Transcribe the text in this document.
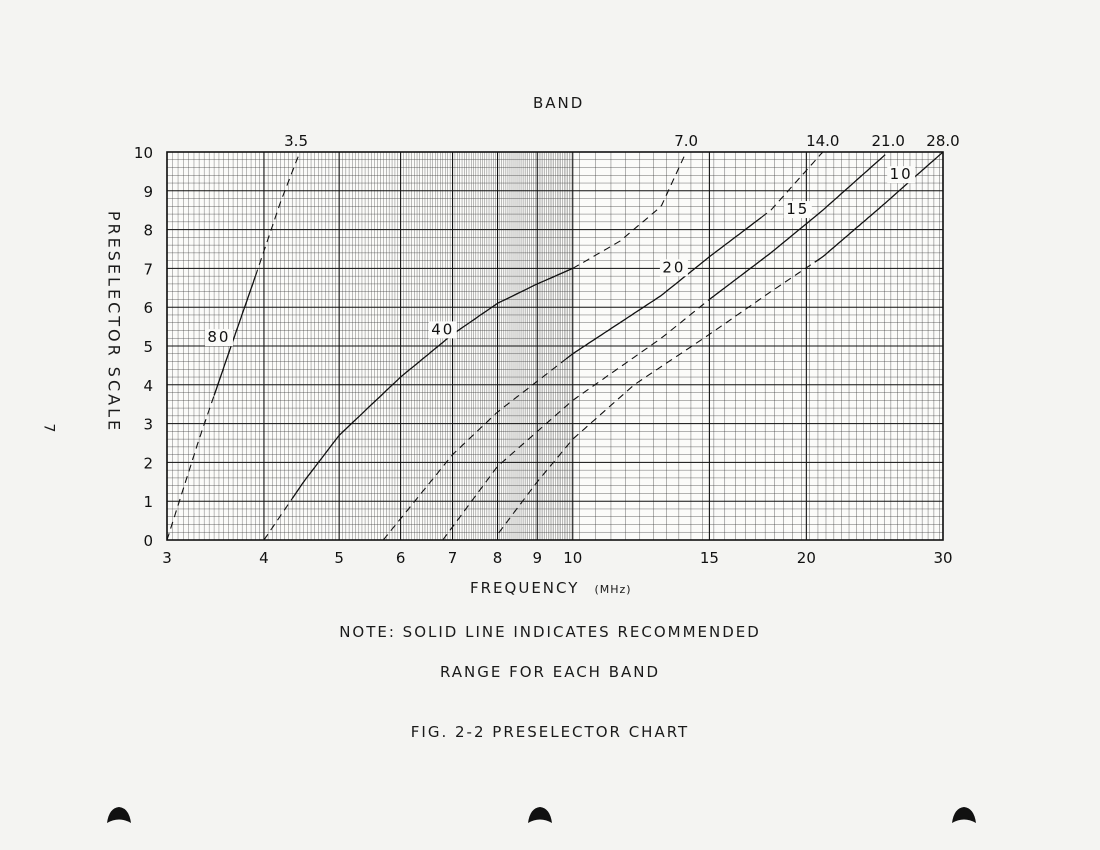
80	40
20
15
10
3	4	5	6	7 8 9 10	15	20	30
0
1
2
3
4
5
6
7
8
9
10
3.5	7.0	14.0 21.0 28.0
BAND
PRESELECTOR SCALE
FREQUENCY (MHz)
NOTE: SOLID LINE INDICATES RECOMMENDED
RANGE FOR EACH BAND
FIG. 2-2 PRESELECTOR CHART
7
